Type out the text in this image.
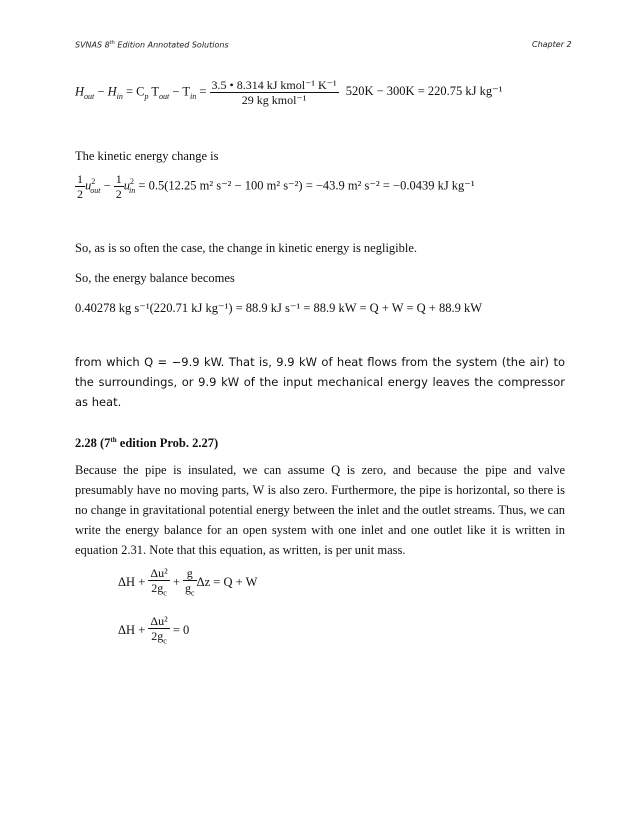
SVNAS 8th Edition Annotated Solutions	Chapter 2
$H_{out} - H_{in} = C_p$ $T_{out} - T_{in} = \frac{\text{3.5 • 8.314 kJ kmol⁻¹ K⁻¹}}{\text{29 kg kmol⁻¹}} 520K - 300K = 220.75$ kJ kg⁻¹
The kinetic energy change is
$\frac{1}{2} u^2_{out} - \frac{1}{2} u^2_{in} = 0.5(12.25$ m² s⁻² − 100 m² s⁻²) = −43.9 m² s⁻² = −0.0439 kJ kg⁻¹
So, as is so often the case, the change in kinetic energy is negligible.
So, the energy balance becomes
0.40278 kg s⁻¹(220.71 kJ kg⁻¹) = 88.9 kJ s⁻¹ = 88.9 kW = Q + W = Q + 88.9 kW
from which Q = −9.9 kW. That is, 9.9 kW of heat flows from the system (the air) to the surroundings, or 9.9 kW of the input mechanical energy leaves the compressor as heat.
2.28 (7th edition Prob. 2.27)
Because the pipe is insulated, we can assume Q is zero, and because the pipe and valve presumably have no moving parts, W is also zero. Furthermore, the pipe is horizontal, so there is no change in gravitational potential energy between the inlet and the outlet streams. Thus, we can write the energy balance for an open system with one inlet and one outlet like it is written in equation 2.31. Note that this equation, as written, is per unit mass.
$\Delta H + \frac{\text{Δu²}}{2g_c} + \frac{g}{g_c}$ Δz = Q + W
$\Delta H + \frac{\text{Δu²}}{2g_c} = 0$
